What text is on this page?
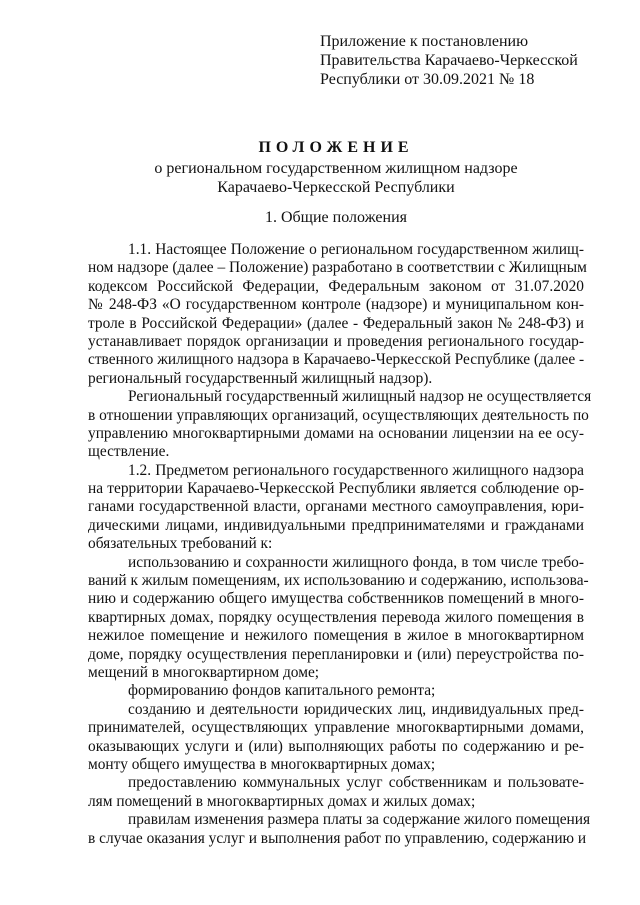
Приложение к постановлению
Правительства Карачаево-Черкесской
Республики от 30.09.2021 № 18
ПОЛОЖЕНИЕ
о региональном государственном жилищном надзоре
Карачаево-Черкесской Республики
1. Общие положения
1.1. Настоящее Положение о региональном государственном жилищ-
ном надзоре (далее – Положение) разработано в соответствии с Жилищным
кодексом Российской Федерации, Федеральным законом от 31.07.2020
№ 248-ФЗ «О государственном контроле (надзоре) и муниципальном кон-
троле в Российской Федерации» (далее - Федеральный закон № 248-ФЗ) и
устанавливает порядок организации и проведения регионального государ-
ственного жилищного надзора в Карачаево-Черкесской Республике (далее -
региональный государственный жилищный надзор).
Региональный государственный жилищный надзор не осуществляется
в отношении управляющих организаций, осуществляющих деятельность по
управлению многоквартирными домами на основании лицензии на ее осу-
ществление.
1.2. Предметом регионального государственного жилищного надзора
на территории Карачаево-Черкесской Республики является соблюдение ор-
ганами государственной власти, органами местного самоуправления, юри-
дическими лицами, индивидуальными предпринимателями и гражданами
обязательных требований к:
использованию и сохранности жилищного фонда, в том числе требо-
ваний к жилым помещениям, их использованию и содержанию, использова-
нию и содержанию общего имущества собственников помещений в много-
квартирных домах, порядку осуществления перевода жилого помещения в
нежилое помещение и нежилого помещения в жилое в многоквартирном
доме, порядку осуществления перепланировки и (или) переустройства по-
мещений в многоквартирном доме;
формированию фондов капитального ремонта;
созданию и деятельности юридических лиц, индивидуальных пред-
принимателей, осуществляющих управление многоквартирными домами,
оказывающих услуги и (или) выполняющих работы по содержанию и ре-
монту общего имущества в многоквартирных домах;
предоставлению коммунальных услуг собственникам и пользовате-
лям помещений в многоквартирных домах и жилых домах;
правилам изменения размера платы за содержание жилого помещения
в случае оказания услуг и выполнения работ по управлению, содержанию и
